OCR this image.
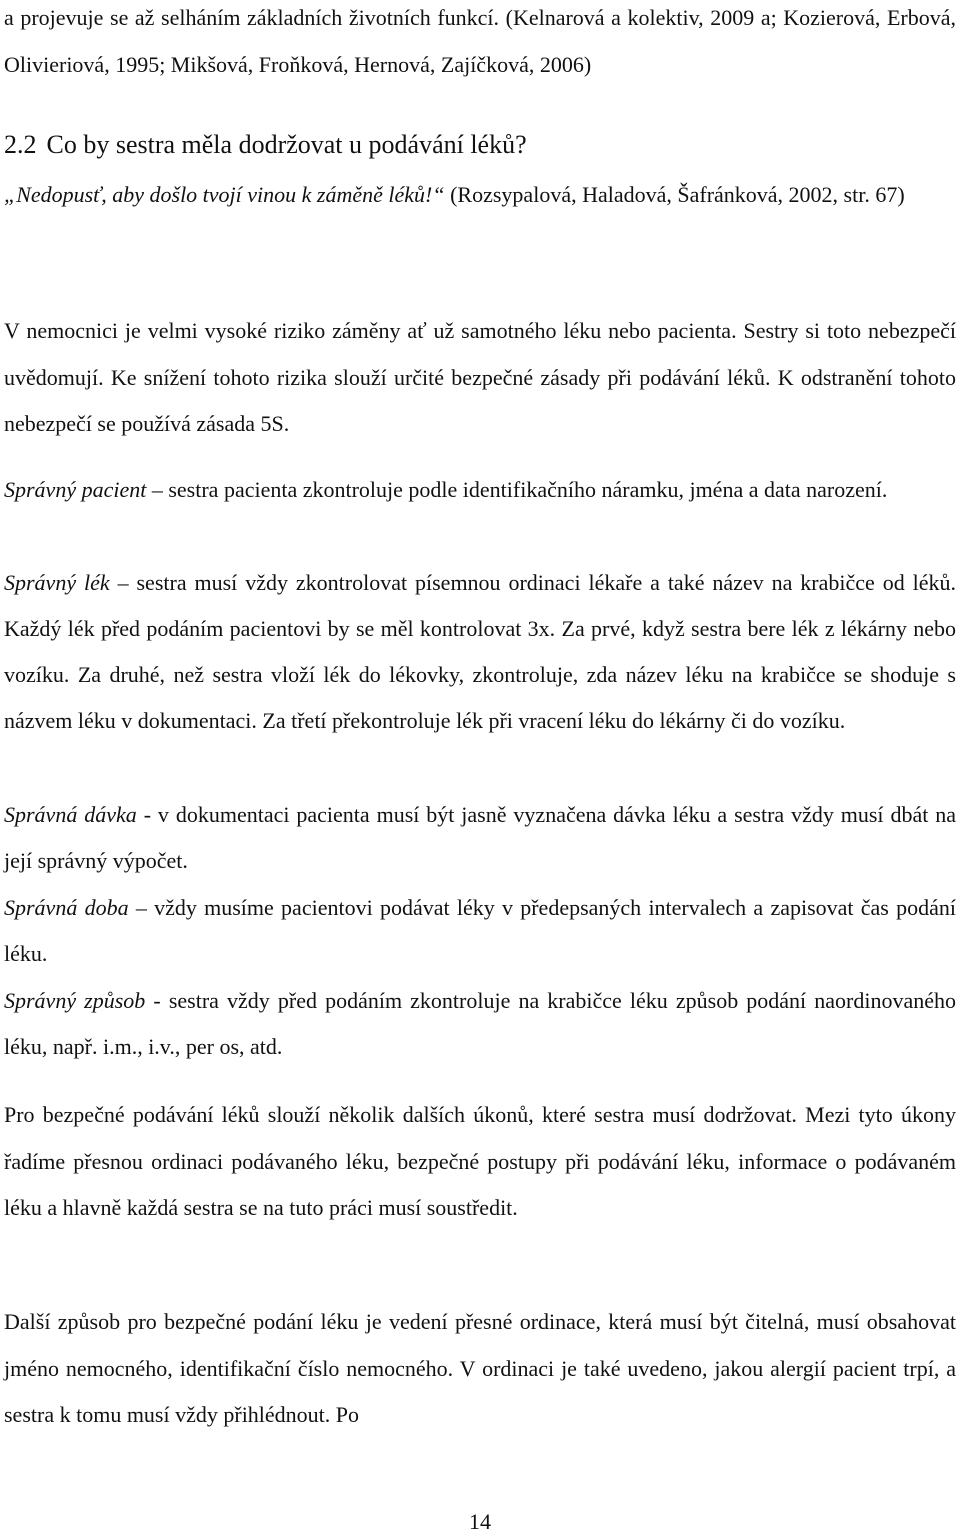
a projevuje se až selháním základních životních funkcí. (Kelnarová a kolektiv, 2009 a; Kozierová, Erbová, Olivieriová, 1995; Mikšová, Froňková, Hernová, Zajíčková, 2006)

2.2 Co by sestra měla dodržovat u podávání léků?

„Nedopusť, aby došlo tvojí vinou k záměně léků!“ (Rozsypalová, Haladová, Šafránková, 2002, str. 67)

V nemocnici je velmi vysoké riziko záměny ať už samotného léku nebo pacienta. Sestry si toto nebezpečí uvědomují. Ke snížení tohoto rizika slouží určité bezpečné zásady při podávání léků. K odstranění tohoto nebezpečí se používá zásada 5S.

Správný pacient – sestra pacienta zkontroluje podle identifikačního náramku, jména a data narození.

Správný lék – sestra musí vždy zkontrolovat písemnou ordinaci lékaře a také název na krabičce od léků. Každý lék před podáním pacientovi by se měl kontrolovat 3x. Za prvé, když sestra bere lék z lékárny nebo vozíku. Za druhé, než sestra vloží lék do lékovky, zkontroluje, zda název léku na krabičce se shoduje s názvem léku v dokumentaci. Za třetí překontroluje lék při vracení léku do lékárny či do vozíku.

Správná dávka - v dokumentaci pacienta musí být jasně vyznačena dávka léku a sestra vždy musí dbát na její správný výpočet.

Správná doba – vždy musíme pacientovi podávat léky v předepsaných intervalech a zapisovat čas podání léku.

Správný způsob - sestra vždy před podáním zkontroluje na krabičce léku způsob podání naordinovaného léku, např. i.m., i.v., per os, atd.

Pro bezpečné podávání léků slouží několik dalších úkonů, které sestra musí dodržovat. Mezi tyto úkony řadíme přesnou ordinaci podávaného léku, bezpečné postupy při podávání léku, informace o podávaném léku a hlavně každá sestra se na tuto práci musí soustředit.

Další způsob pro bezpečné podání léku je vedení přesné ordinace, která musí být čitelná, musí obsahovat jméno nemocného, identifikační číslo nemocného. V ordinaci je také uvedeno, jakou alergií pacient trpí, a sestra k tomu musí vždy přihlédnout. Po

14
